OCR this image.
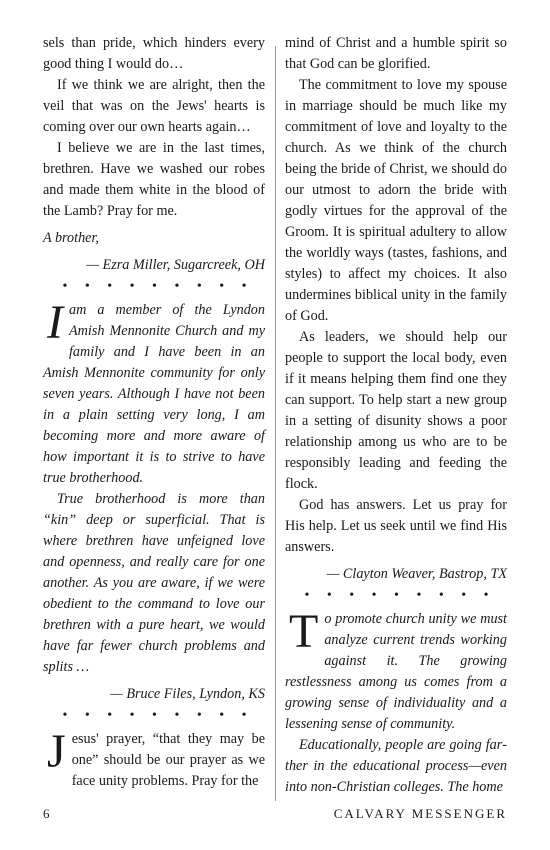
sels than pride, which hinders every good thing I would do…

If we think we are alright, then the veil that was on the Jews' hearts is coming over our own hearts again…

I believe we are in the last times, brethren. Have we washed our robes and made them white in the blood of the Lamb? Pray for me.

A brother,

— Ezra Miller, Sugarcreek, OH

• • • • • • • • •

Iam a member of the Lyndon Amish Mennonite Church and my family and I have been in an Amish Mennonite community for only seven years. Although I have not been in a plain setting very long, I am becoming more and more aware of how important it is to strive to have true brotherhood.

True brotherhood is more than “kin” deep or superficial. That is where brethren have unfeigned love and openness, and really care for one another. As you are aware, if we were obedient to the command to love our brethren with a pure heart, we would have far fewer church problems and splits …

— Bruce Files, Lyndon, KS

• • • • • • • • •

Jesus' prayer, “that they may be one” should be our prayer as we face unity problems. Pray for the

mind of Christ and a humble spirit so that God can be glorified.

The commitment to love my spouse in marriage should be much like my commitment of love and loyalty to the church. As we think of the church being the bride of Christ, we should do our utmost to adorn the bride with godly virtues for the approval of the Groom. It is spiritual adultery to allow the worldly ways (tastes, fashions, and styles) to affect my choices. It also undermines biblical unity in the family of God.

As leaders, we should help our people to support the local body, even if it means helping them find one they can support. To help start a new group in a setting of disunity shows a poor relationship among us who are to be responsibly leading and feeding the flock.

God has answers. Let us pray for His help. Let us seek until we find His answers.

— Clayton Weaver, Bastrop, TX

• • • • • • • • •

To promote church unity we must analyze current trends working against it. The growing restlessness among us comes from a growing sense of individuality and a lessening sense of community.

Educationally, people are going farther in the educational process—even into non-Christian colleges. The home

6	CALVARY MESSENGER
